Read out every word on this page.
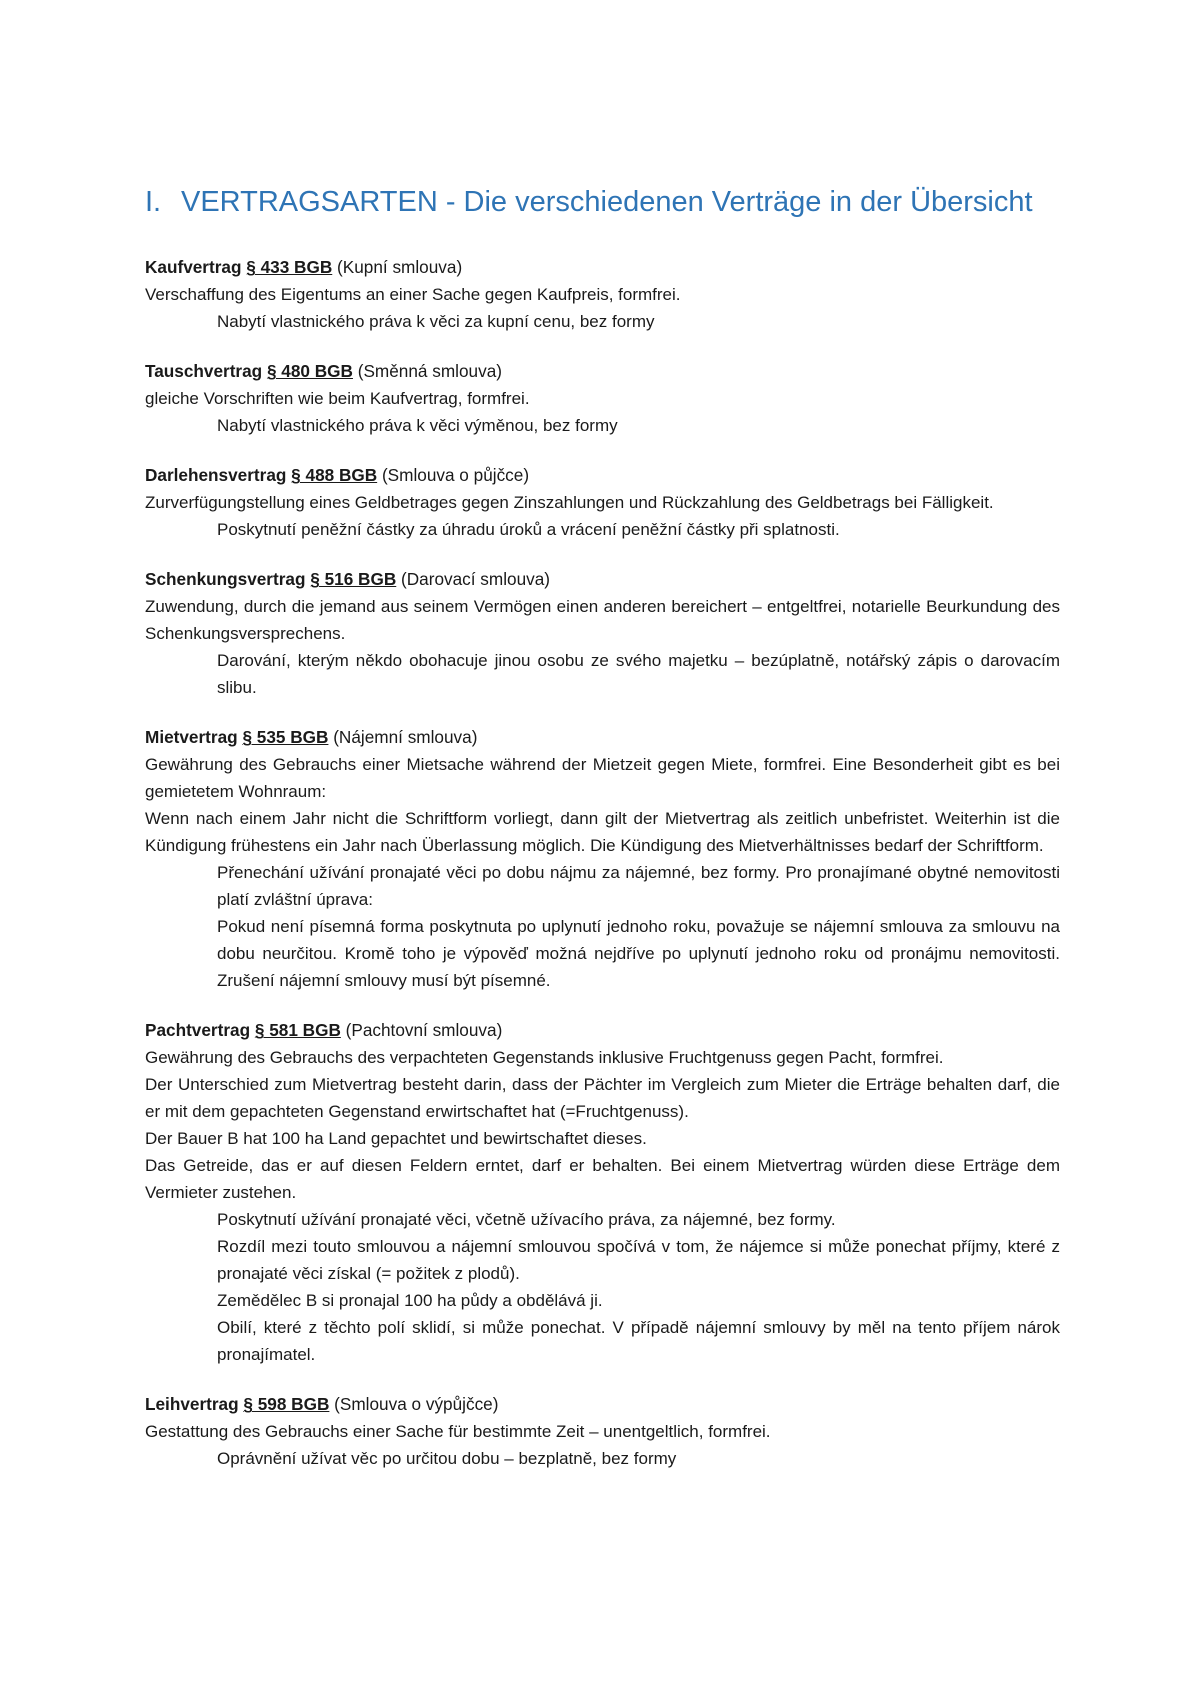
I. VERTRAGSARTEN - Die verschiedenen Verträge in der Übersicht

Kaufvertrag § 433 BGB (Kupní smlouva)

Verschaffung des Eigentums an einer Sache gegen Kaufpreis, formfrei.

Nabytí vlastnického práva k věci za kupní cenu, bez formy

Tauschvertrag § 480 BGB (Směnná smlouva)

gleiche Vorschriften wie beim Kaufvertrag, formfrei.

Nabytí vlastnického práva k věci výměnou, bez formy

Darlehensvertrag § 488 BGB (Smlouva o půjčce)

Zurverfügungstellung eines Geldbetrages gegen Zinszahlungen und Rückzahlung des Geldbetrags bei Fälligkeit.

Poskytnutí peněžní částky za úhradu úroků a vrácení peněžní částky při splatnosti.

Schenkungsvertrag § 516 BGB (Darovací smlouva)

Zuwendung, durch die jemand aus seinem Vermögen einen anderen bereichert – entgeltfrei, notarielle Beurkundung des Schenkungsversprechens.

Darování, kterým někdo obohacuje jinou osobu ze svého majetku – bezúplatně, notářský zápis o darovacím slibu.

Mietvertrag § 535 BGB (Nájemní smlouva)

Gewährung des Gebrauchs einer Mietsache während der Mietzeit gegen Miete, formfrei. Eine Besonderheit gibt es bei gemietetem Wohnraum:

Wenn nach einem Jahr nicht die Schriftform vorliegt, dann gilt der Mietvertrag als zeitlich unbefristet. Weiterhin ist die Kündigung frühestens ein Jahr nach Überlassung möglich. Die Kündigung des Mietverhältnisses bedarf der Schriftform.

Přenechání užívání pronajaté věci po dobu nájmu za nájemné, bez formy. Pro pronajímané obytné nemovitosti platí zvláštní úprava:

Pokud není písemná forma poskytnuta po uplynutí jednoho roku, považuje se nájemní smlouva za smlouvu na dobu neurčitou. Kromě toho je výpověď možná nejdříve po uplynutí jednoho roku od pronájmu nemovitosti. Zrušení nájemní smlouvy musí být písemné.

Pachtvertrag § 581 BGB (Pachtovní smlouva)

Gewährung des Gebrauchs des verpachteten Gegenstands inklusive Fruchtgenuss gegen Pacht, formfrei.

Der Unterschied zum Mietvertrag besteht darin, dass der Pächter im Vergleich zum Mieter die Erträge behalten darf, die er mit dem gepachteten Gegenstand erwirtschaftet hat (=Fruchtgenuss).

Der Bauer B hat 100 ha Land gepachtet und bewirtschaftet dieses.

Das Getreide, das er auf diesen Feldern erntet, darf er behalten. Bei einem Mietvertrag würden diese Erträge dem Vermieter zustehen.

Poskytnutí užívání pronajaté věci, včetně užívacího práva, za nájemné, bez formy.

Rozdíl mezi touto smlouvou a nájemní smlouvou spočívá v tom, že nájemce si může ponechat příjmy, které z pronajaté věci získal (= požitek z plodů).

Zemědělec B si pronajal 100 ha půdy a obdělává ji.

Obilí, které z těchto polí sklidí, si může ponechat. V případě nájemní smlouvy by měl na tento příjem nárok pronajímatel.

Leihvertrag § 598 BGB (Smlouva o výpůjčce)

Gestattung des Gebrauchs einer Sache für bestimmte Zeit – unentgeltlich, formfrei.

Oprávnění užívat věc po určitou dobu – bezplatně, bez formy
